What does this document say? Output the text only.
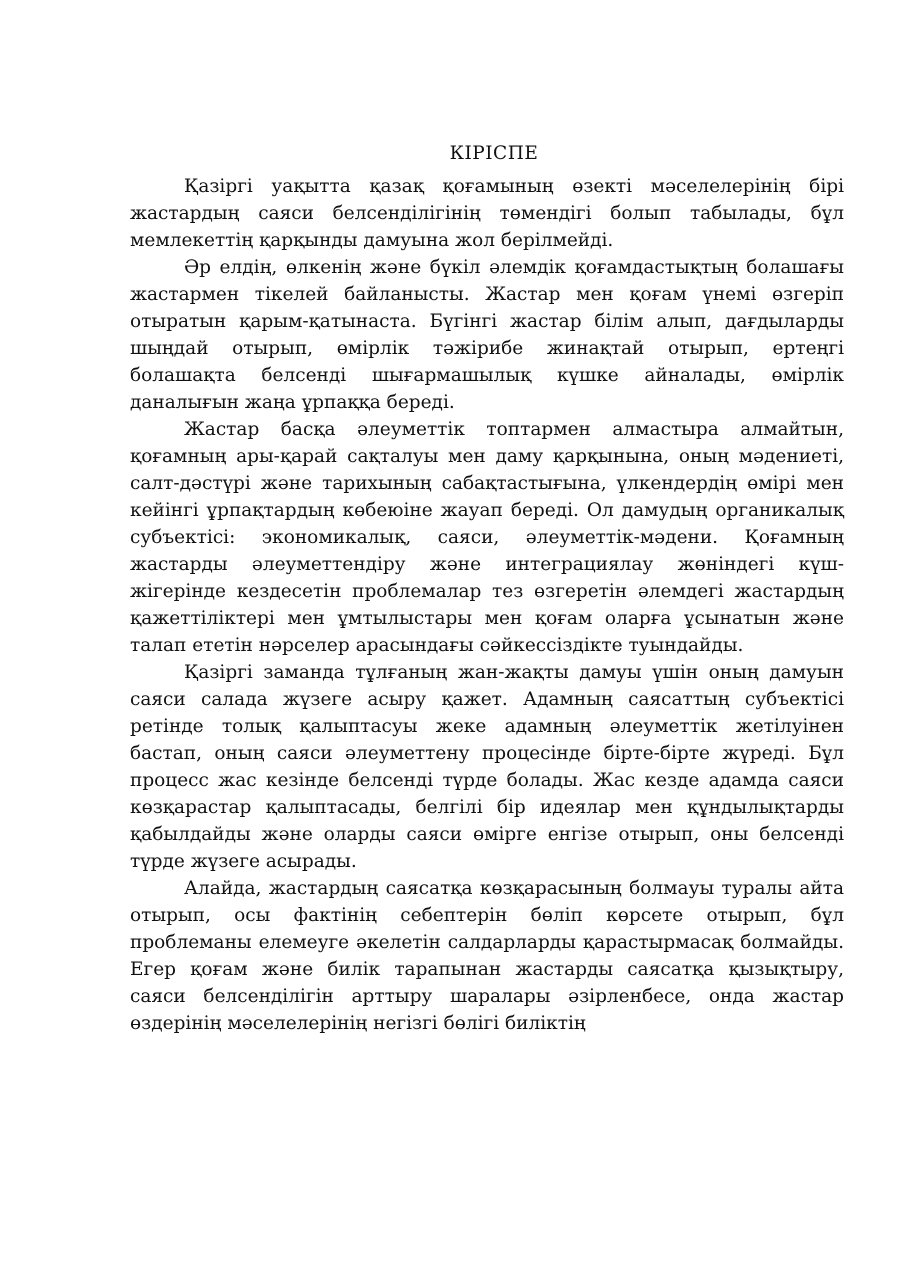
КІРІСПЕ

Қазіргі уақытта қазақ қоғамының өзекті мәселелерінің бірі жастардың саяси белсенділігінің төмендігі болып табылады, бұл мемлекеттің қарқынды дамуына жол берілмейді.

Әр елдің, өлкенің және бүкіл әлемдік қоғамдастықтың болашағы жастармен тікелей байланысты. Жастар мен қоғам үнемі өзгеріп отыратын қарым-қатынаста. Бүгінгі жастар білім алып, дағдыларды шыңдай отырып, өмірлік тәжірибе жинақтай отырып, ертеңгі болашақта белсенді шығармашылық күшке айналады, өмірлік даналығын жаңа ұрпаққа береді.

Жастар басқа әлеуметтік топтармен алмастыра алмайтын, қоғамның ары-қарай сақталуы мен даму қарқынына, оның мәдениеті, салт-дәстүрі және тарихының сабақтастығына, үлкендердің өмірі мен кейінгі ұрпақтардың көбеюіне жауап береді. Ол дамудың органикалық субъектісі: экономикалық, саяси, әлеуметтік-мәдени. Қоғамның жастарды әлеуметтендіру және интеграциялау жөніндегі күш-жігерінде кездесетін проблемалар тез өзгеретін әлемдегі жастардың қажеттіліктері мен ұмтылыстары мен қоғам оларға ұсынатын және талап ететін нәрселер арасындағы сәйкессіздікте туындайды.

Қазіргі заманда тұлғаның жан-жақты дамуы үшін оның дамуын саяси салада жүзеге асыру қажет. Адамның саясаттың субъектісі ретінде толық қалыптасуы жеке адамның әлеуметтік жетілуінен бастап, оның саяси әлеуметтену процесінде бірте-бірте жүреді. Бұл процесс жас кезінде белсенді түрде болады. Жас кезде адамда саяси көзқарастар қалыптасады, белгілі бір идеялар мен құндылықтарды қабылдайды және оларды саяси өмірге енгізе отырып, оны белсенді түрде жүзеге асырады.

Алайда, жастардың саясатқа көзқарасының болмауы туралы айта отырып, осы фактінің себептерін бөліп көрсете отырып, бұл проблеманы елемеуге әкелетін салдарларды қарастырмасақ болмайды. Егер қоғам және билік тарапынан жастарды саясатқа қызықтыру, саяси белсенділігін арттыру шаралары әзірленбесе, онда жастар өздерінің мәселелерінің негізгі бөлігі биліктің
